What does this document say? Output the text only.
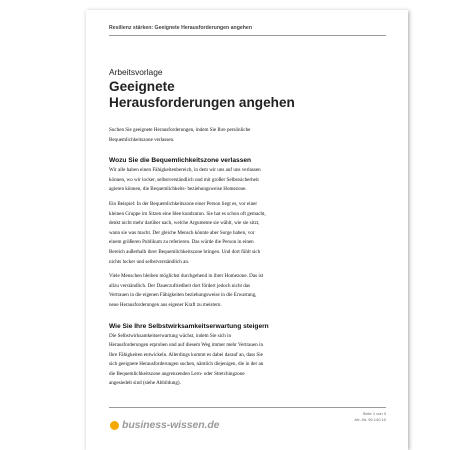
Resilienz stärken: Geeignete Herausforderungen angehen
Arbeitsvorlage
Geeignete
Herausforderungen angehen

Suchen Sie geeignete Herausforderungen, indem Sie Ihre persönliche
Bequemlichkeitszone verlassen.

Wozu Sie die Bequemlichkeitszone verlassen

Wir alle haben einen Fähigkeitenbereich, in dem wir uns auf uns verlassen
können, wo wir locker, selbstverständlich und mit großer Selbstsicherheit
agieren können, die Bequemlichkeits- beziehungsweise Homezone.

Ein Beispiel: In der Bequemlichkeitszone einer Person liegt es, vor einer
kleinen Gruppe im Sitzen eine Idee kundzutun. Sie hat es schon oft gemacht,
denkt nicht mehr darüber nach, welche Argumente sie wählt, wie sie sitzt,
wann sie was macht. Der gleiche Mensch könnte aber Sorge haben, vor
einem größeren Publikum zu referieren. Das würde die Person in einen
Bereich außerhalb ihrer Bequemlichkeitszone bringen. Und dort fühlt sich
nichts locker und selbstverständlich an.

Viele Menschen bleiben möglichst durchgehend in ihrer Homezone. Das ist
allzu verständlich. Der Dauerzufriedheit dort fördert jedoch nicht das
Vertrauen in die eigenen Fähigkeiten beziehungsweise in die Erwartung,
neue Herausforderungen aus eigener Kraft zu meistern.

Wie Sie Ihre Selbstwirksamkeitserwartung steigern

Die Selbstwirksamkeitserwartung wächst, indem Sie sich in
Herausforderungen erproben und auf diesem Weg immer mehr Vertrauen in
Ihre Fähigkeiten entwickeln. Allerdings kommt es dabei darauf an, dass Sie
sich geeignete Herausforderungen suchen, nämlich diejenigen, die in der an
die Bequemlichkeitszone angrenzenden Lern- oder Stretchingzone
angesiedelt sind (siehe Abbildung).

business-wissen.de
Seite 1 von 3
Art.-Nr. 99.140.10
